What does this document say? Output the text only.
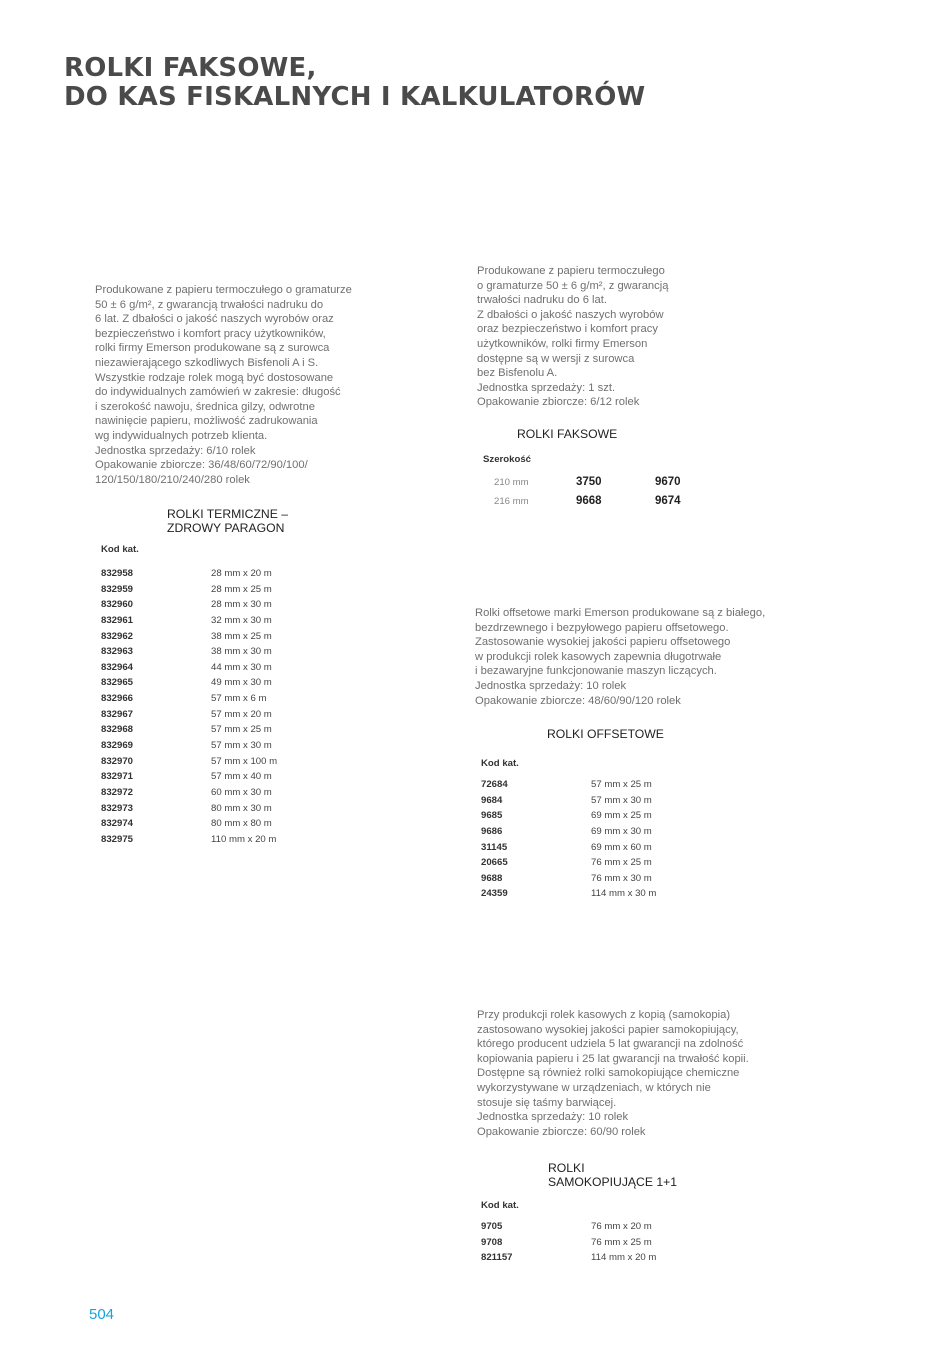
ROLKI FAKSOWE,
DO KAS FISKALNYCH I KALKULATORÓW

Produkowane z papieru termoczułego o gramaturze
50 ± 6 g/m², z gwarancją trwałości nadruku do
6 lat. Z dbałości o jakość naszych wyrobów oraz
bezpieczeństwo i komfort pracy użytkowników,
rolki firmy Emerson produkowane są z surowca
niezawierającego szkodliwych Bisfenoli A i S.
Wszystkie rodzaje rolek mogą być dostosowane
do indywidualnych zamówień w zakresie: długość
i szerokość nawoju, średnica gilzy, odwrotne
nawinięcie papieru, możliwość zadrukowania
wg indywidualnych potrzeb klienta.
Jednostka sprzedaży: 6/10 rolek
Opakowanie zbiorcze: 36/48/60/72/90/100/
120/150/180/210/240/280 rolek

ROLKI TERMICZNE –
ZDROWY PARAGON

Kod kat.

832958	28 mm x 20 m
832959	28 mm x 25 m
832960	28 mm x 30 m
832961	32 mm x 30 m
832962	38 mm x 25 m
832963	38 mm x 30 m
832964	44 mm x 30 m
832965	49 mm x 30 m
832966	57 mm x 6 m
832967	57 mm x 20 m
832968	57 mm x 25 m
832969	57 mm x 30 m
832970	57 mm x 100 m
832971	57 mm x 40 m
832972	60 mm x 30 m
832973	80 mm x 30 m
832974	80 mm x 80 m
832975	110 mm x 20 m

Produkowane z papieru termoczułego
o gramaturze 50 ± 6 g/m², z gwarancją
trwałości nadruku do 6 lat.
Z dbałości o jakość naszych wyrobów
oraz bezpieczeństwo i komfort pracy
użytkowników, rolki firmy Emerson
dostępne są w wersji z surowca
bez Bisfenolu A.
Jednostka sprzedaży: 1 szt.
Opakowanie zbiorcze: 6/12 rolek

ROLKI FAKSOWE

Szerokość

210 mm	3750	9670
216 mm	9668	9674

Rolki offsetowe marki Emerson produkowane są z białego,
bezdrzewnego i bezpyłowego papieru offsetowego.
Zastosowanie wysokiej jakości papieru offsetowego
w produkcji rolek kasowych zapewnia długotrwałe
i bezawaryjne funkcjonowanie maszyn liczących.
Jednostka sprzedaży: 10 rolek
Opakowanie zbiorcze: 48/60/90/120 rolek

ROLKI OFFSETOWE

Kod kat.

72684	57 mm x 25 m
9684	57 mm x 30 m
9685	69 mm x 25 m
9686	69 mm x 30 m
31145	69 mm x 60 m
20665	76 mm x 25 m
9688	76 mm x 30 m
24359	114 mm x 30 m

Przy produkcji rolek kasowych z kopią (samokopia)
zastosowano wysokiej jakości papier samokopiujący,
którego producent udziela 5 lat gwarancji na zdolność
kopiowania papieru i 25 lat gwarancji na trwałość kopii.
Dostępne są również rolki samokopiujące chemiczne
wykorzystywane w urządzeniach, w których nie
stosuje się taśmy barwiącej.
Jednostka sprzedaży: 10 rolek
Opakowanie zbiorcze: 60/90 rolek

ROLKI
SAMOKOPIUJĄCE 1+1

Kod kat.

9705	76 mm x 20 m
9708	76 mm x 25 m
821157	114 mm x 20 m

504
